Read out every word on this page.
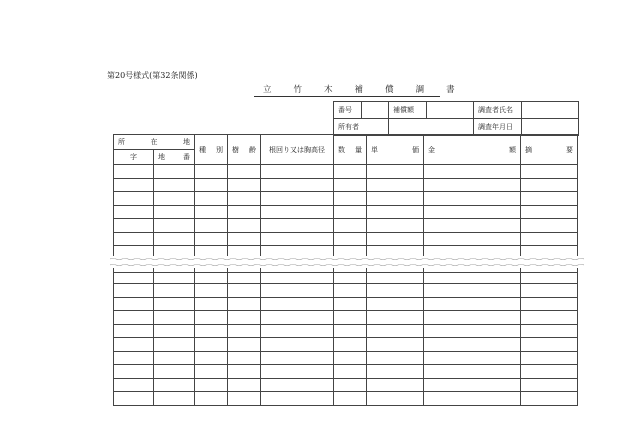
第20号様式(第32条関係)
立 竹 木 補 償 調 書
番号		補償額		調査者氏名	
所有者				調査年月日	
所 在 地		種 別	樹 齢	根回り又は胸高径	数 量	単 価	金 額	摘 要

字	地 番							
